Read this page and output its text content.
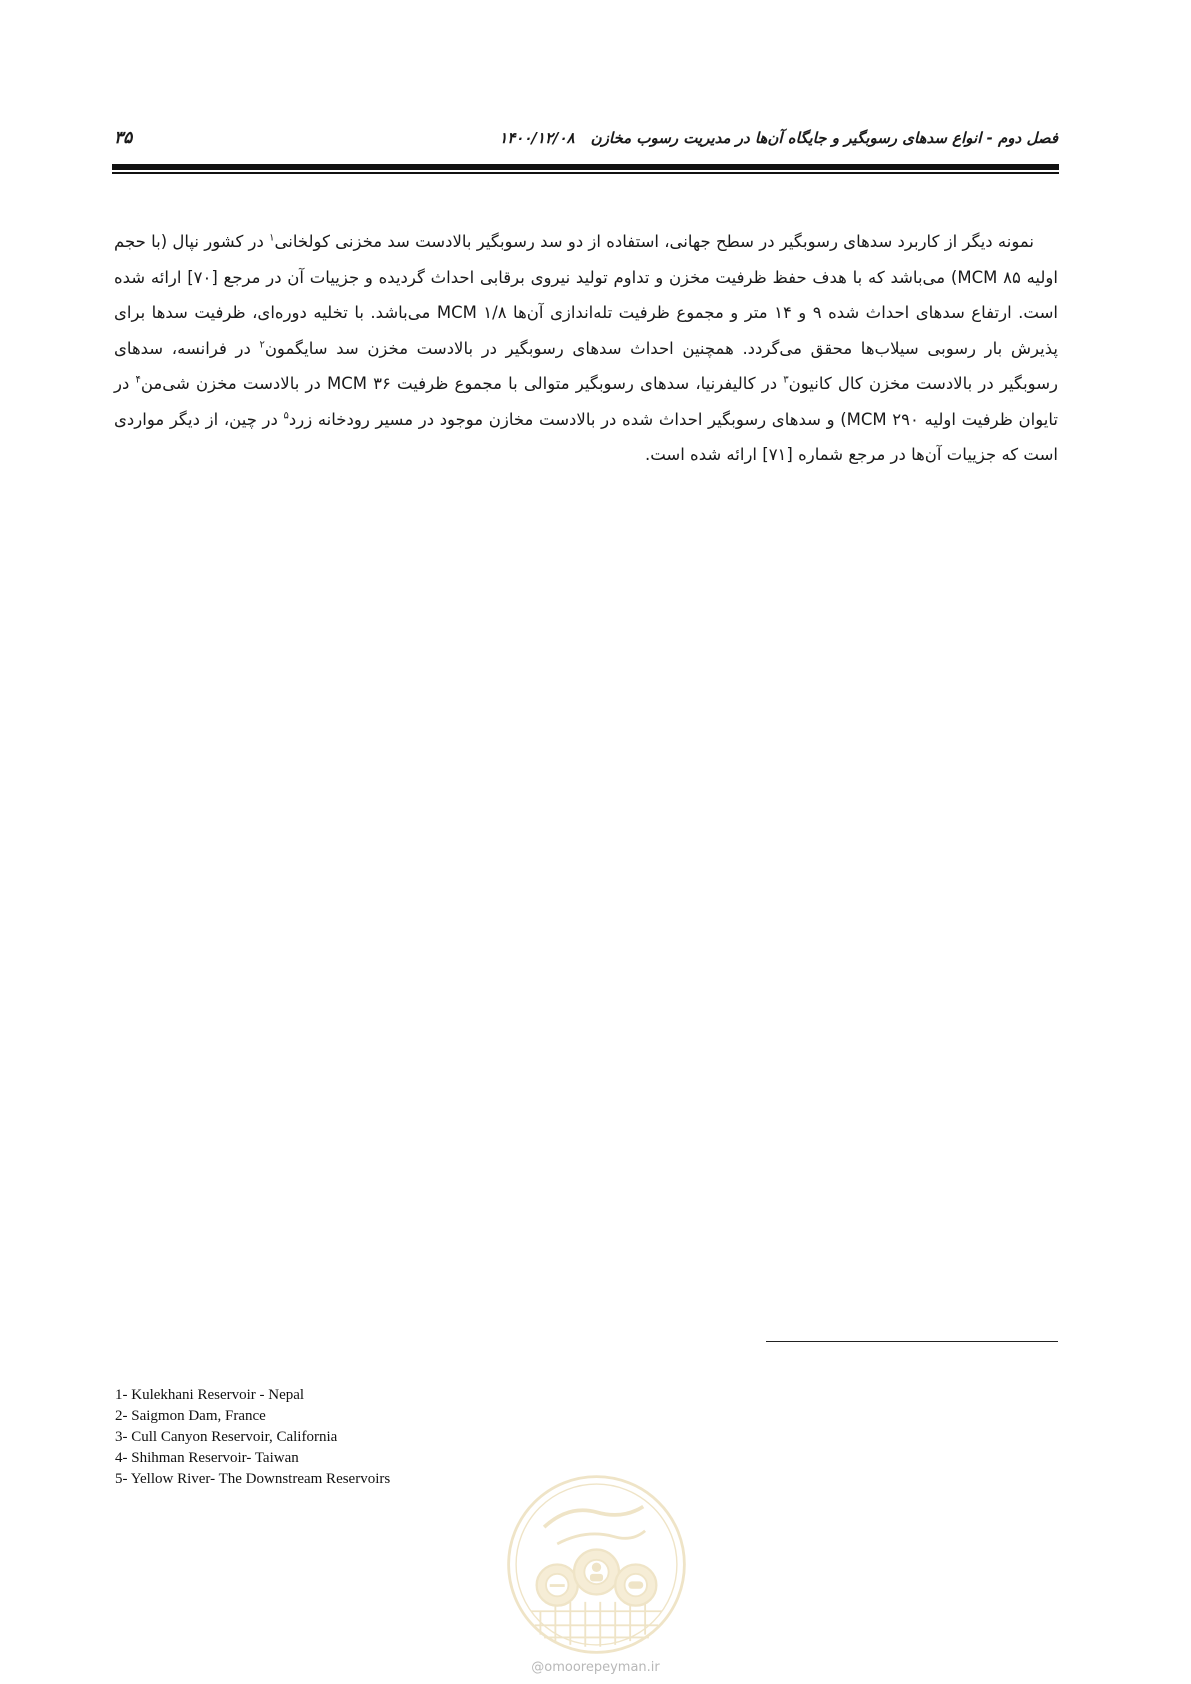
فصل دوم - انواع سدهای رسوبگیر و جایگاه آن‌ها در مدیریت رسوب مخازن۱۴۰۰/۱۲/۰۸
۳۵

نمونه دیگر از کاربرد سدهای رسوبگیر در سطح جهانی، استفاده از دو سد رسوبگیر بالادست سد مخزنی کولخانی$^۱$ در کشور نپال (با حجم اولیه ۸۵ MCM) می‌باشد که با هدف حفظ ظرفیت مخزن و تداوم تولید نیروی برقابی احداث گردیده و جزییات آن در مرجع [۷۰] ارائه شده است. ارتفاع سدهای احداث شده ۹ و ۱۴ متر و مجموع ظرفیت تله‌اندازی آن‌ها ۱/۸ MCM می‌باشد. با تخلیه دوره‌ای، ظرفیت سدها برای پذیرش بار رسوبی سیلاب‌ها محقق می‌گردد. همچنین احداث سدهای رسوبگیر در بالادست مخزن سد سایگمون$^۲$ در فرانسه، سدهای رسوبگیر در بالادست مخزن کال کانیون$^۳$ در کالیفرنیا، سدهای رسوبگیر متوالی با مجموع ظرفیت ۳۶ MCM در بالادست مخزن شی‌من$^۴$ در تایوان ظرفیت اولیه ۲۹۰ MCM) و سدهای رسوبگیر احداث شده در بالادست مخازن موجود در مسیر رودخانه زرد$^۵$ در چین، از دیگر مواردی است که جزییات آن‌ها در مرجع شماره [۷۱] ارائه شده است.

1- Kulekhani Reservoir - Nepal
2- Saigmon Dam, France
3- Cull Canyon Reservoir, California
4- Shihman Reservoir- Taiwan
5- Yellow River- The Downstream Reservoirs
@omoorepeyman.ir
